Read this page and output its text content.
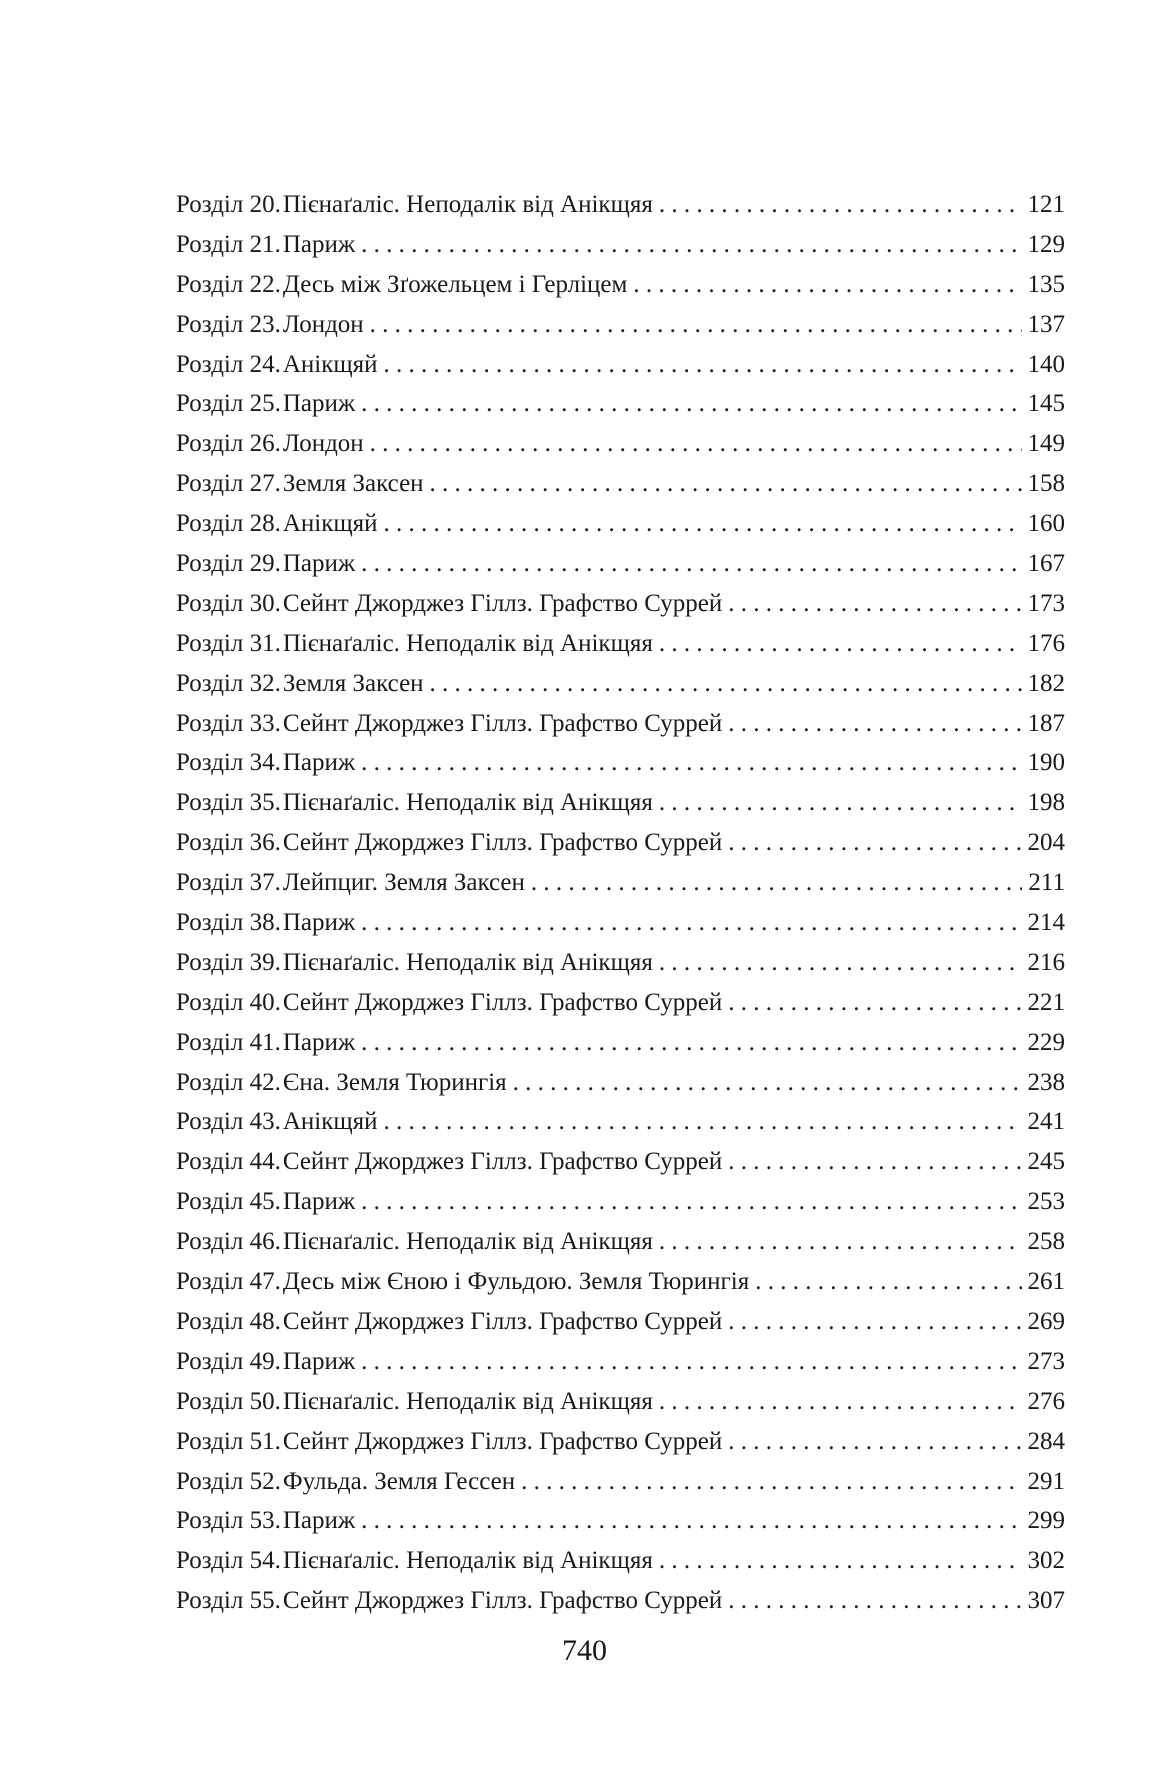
Розділ 20. Пієнаґаліс. Неподалік від Анікщяя . . .	121
Розділ 21. Париж . . .	129
Розділ 22. Десь між Зґожельцем і Герліцем . . .	135
Розділ 23. Лондон . . .	137
Розділ 24. Анікщяй . . .	140
Розділ 25. Париж . . .	145
Розділ 26. Лондон . . .	149
Розділ 27. Земля Заксен . . .	158
Розділ 28. Анікщяй . . .	160
Розділ 29. Париж . . .	167
Розділ 30. Сейнт Джорджез Гіллз. Графство Суррей . . .	173
Розділ 31. Пієнаґаліс. Неподалік від Анікщяя . . .	176
Розділ 32. Земля Заксен . . .	182
Розділ 33. Сейнт Джорджез Гіллз. Графство Суррей . . .	187
Розділ 34. Париж . . .	190
Розділ 35. Пієнаґаліс. Неподалік від Анікщяя . . .	198
Розділ 36. Сейнт Джорджез Гіллз. Графство Суррей . . .	204
Розділ 37. Лейпциг. Земля Заксен . . .	211
Розділ 38. Париж . . .	214
Розділ 39. Пієнаґаліс. Неподалік від Анікщяя . . .	216
Розділ 40. Сейнт Джорджез Гіллз. Графство Суррей . . .	221
Розділ 41. Париж . . .	229
Розділ 42. Єна. Земля Тюрингія . . .	238
Розділ 43. Анікщяй . . .	241
Розділ 44. Сейнт Джорджез Гіллз. Графство Суррей . . .	245
Розділ 45. Париж . . .	253
Розділ 46. Пієнаґаліс. Неподалік від Анікщяя . . .	258
Розділ 47. Десь між Єною і Фульдою. Земля Тюрингія . . .	261
Розділ 48. Сейнт Джорджез Гіллз. Графство Суррей . . .	269
Розділ 49. Париж . . .	273
Розділ 50. Пієнаґаліс. Неподалік від Анікщяя . . .	276
Розділ 51. Сейнт Джорджез Гіллз. Графство Суррей . . .	284
Розділ 52. Фульда. Земля Гессен . . .	291
Розділ 53. Париж . . .	299
Розділ 54. Пієнаґаліс. Неподалік від Анікщяя . . .	302
Розділ 55. Сейнт Джорджез Гіллз. Графство Суррей . . .	307
740
